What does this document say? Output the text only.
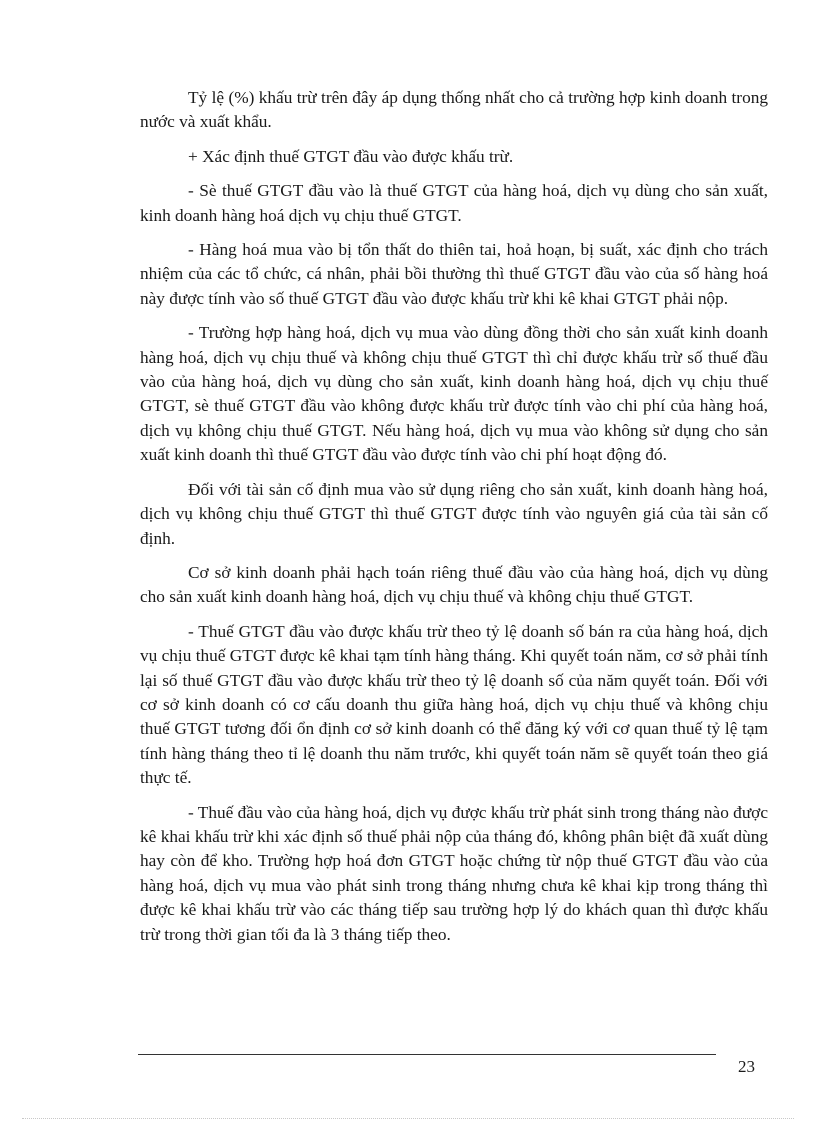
Tỷ lệ (%) khấu trừ trên đây áp dụng thống nhất cho cả trường hợp kinh doanh trong nước và xuất khẩu.

+ Xác định thuế GTGT đầu vào được khấu trừ.

- Sè thuế GTGT đầu vào là thuế GTGT của hàng hoá, dịch vụ dùng cho sản xuất, kinh doanh hàng hoá dịch vụ chịu thuế GTGT.

- Hàng hoá mua vào bị tổn thất do thiên tai, hoả hoạn, bị suất, xác định cho trách nhiệm của các tổ chức, cá nhân, phải bồi thường thì thuế GTGT đầu vào của số hàng hoá này được tính vào số thuế GTGT đầu vào được khấu trừ khi kê khai GTGT phải nộp.

- Trường hợp hàng hoá, dịch vụ mua vào dùng đồng thời cho sản xuất kinh doanh hàng hoá, dịch vụ chịu thuế và không chịu thuế GTGT thì chỉ được khấu trừ số thuế đầu vào của hàng hoá, dịch vụ dùng cho sản xuất, kinh doanh hàng hoá, dịch vụ chịu thuế GTGT, sè thuế GTGT đầu vào không được khấu trừ được tính vào chi phí của hàng hoá, dịch vụ không chịu thuế GTGT. Nếu hàng hoá, dịch vụ mua vào không sử dụng cho sản xuất kinh doanh thì thuế GTGT đầu vào được tính vào chi phí hoạt động đó.

Đối với tài sản cố định mua vào sử dụng riêng cho sản xuất, kinh doanh hàng hoá, dịch vụ không chịu thuế GTGT thì thuế GTGT được tính vào nguyên giá của tài sản cố định.

Cơ sở kinh doanh phải hạch toán riêng thuế đầu vào của hàng hoá, dịch vụ dùng cho sản xuất kinh doanh hàng hoá, dịch vụ chịu thuế và không chịu thuế GTGT.

- Thuế GTGT đầu vào được khấu trừ theo tỷ lệ doanh số bán ra của hàng hoá, dịch vụ chịu thuế GTGT được kê khai tạm tính hàng tháng. Khi quyết toán năm, cơ sở phải tính lại số thuế GTGT đầu vào được khấu trừ theo tỷ lệ doanh số của năm quyết toán. Đối với cơ sở kinh doanh có cơ cấu doanh thu giữa hàng hoá, dịch vụ chịu thuế và không chịu thuế GTGT tương đối ổn định cơ sở kinh doanh có thể đăng ký với cơ quan thuế tỷ lệ tạm tính hàng tháng theo tỉ lệ doanh thu năm trước, khi quyết toán năm sẽ quyết toán theo giá thực tế.

- Thuế đầu vào của hàng hoá, dịch vụ được khấu trừ phát sinh trong tháng nào được kê khai khấu trừ khi xác định số thuế phải nộp của tháng đó, không phân biệt đã xuất dùng hay còn để kho. Trường hợp hoá đơn GTGT hoặc chứng từ nộp thuế GTGT đầu vào của hàng hoá, dịch vụ mua vào phát sinh trong tháng nhưng chưa kê khai kịp trong tháng thì được kê khai khấu trừ vào các tháng tiếp sau trường hợp lý do khách quan thì được khấu trừ trong thời gian tối đa là 3 tháng tiếp theo.

23
